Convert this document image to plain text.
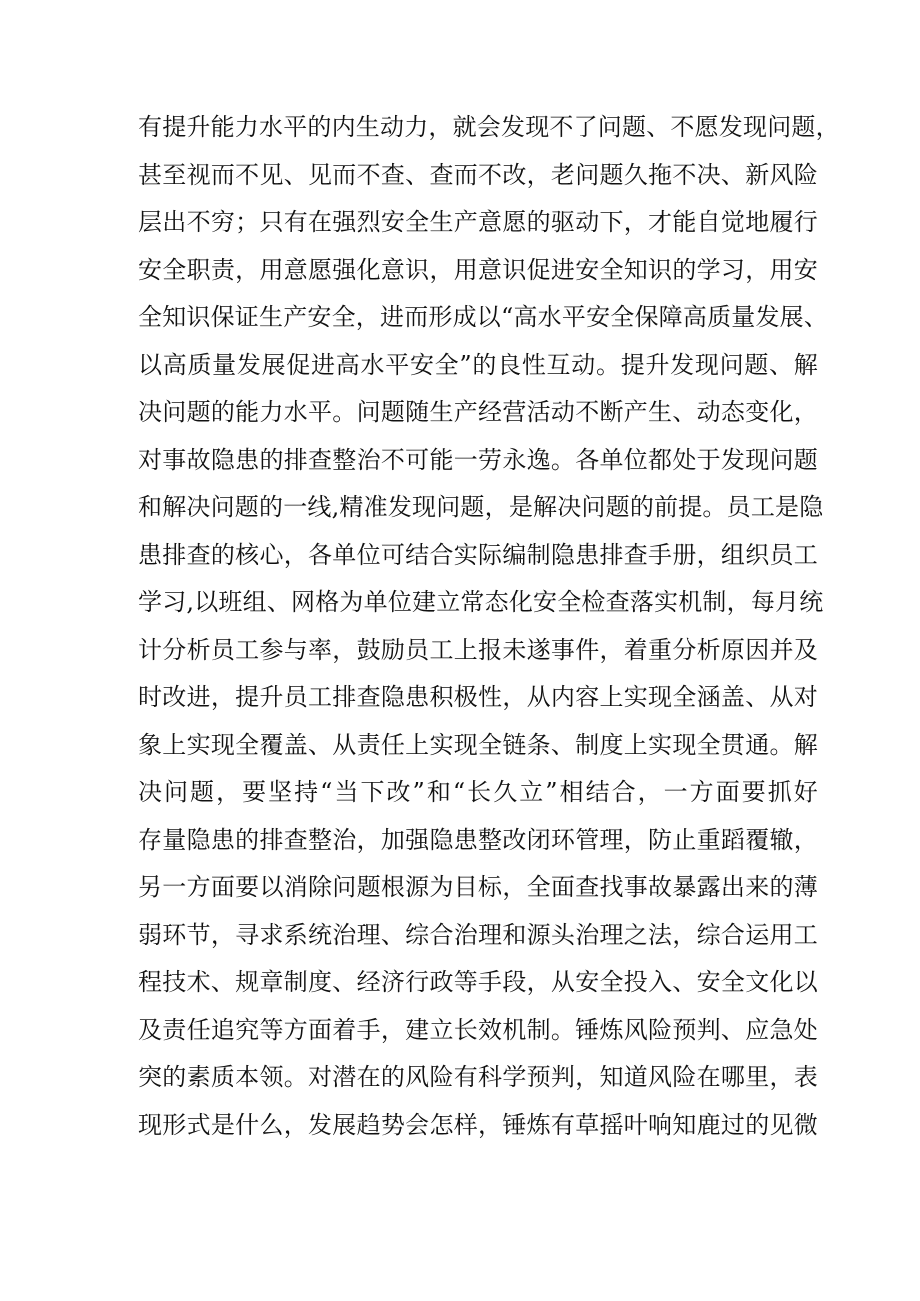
有提升能力水平的内生动力，就会发现不了问题、不愿发现问题，
甚至视而不见、见而不查、查而不改，老问题久拖不决、新风险
层出不穷；只有在强烈安全生产意愿的驱动下，才能自觉地履行
安全职责，用意愿强化意识，用意识促进安全知识的学习，用安
全知识保证生产安全，进而形成以“高水平安全保障高质量发展、
以高质量发展促进高水平安全”的良性互动。提升发现问题、解
决问题的能力水平。问题随生产经营活动不断产生、动态变化，
对事故隐患的排查整治不可能一劳永逸。各单位都处于发现问题
和解决问题的一线,精准发现问题，是解决问题的前提。员工是隐
患排查的核心，各单位可结合实际编制隐患排查手册，组织员工
学习,以班组、网格为单位建立常态化安全检查落实机制，每月统
计分析员工参与率，鼓励员工上报未遂事件，着重分析原因并及
时改进，提升员工排查隐患积极性，从内容上实现全涵盖、从对
象上实现全覆盖、从责任上实现全链条、制度上实现全贯通。解
决问题，要坚持“当下改”和“长久立”相结合，一方面要抓好
存量隐患的排查整治，加强隐患整改闭环管理，防止重蹈覆辙，
另一方面要以消除问题根源为目标，全面查找事故暴露出来的薄
弱环节，寻求系统治理、综合治理和源头治理之法，综合运用工
程技术、规章制度、经济行政等手段，从安全投入、安全文化以
及责任追究等方面着手，建立长效机制。锤炼风险预判、应急处
突的素质本领。对潜在的风险有科学预判，知道风险在哪里，表
现形式是什么，发展趋势会怎样，锤炼有草摇叶响知鹿过的见微
